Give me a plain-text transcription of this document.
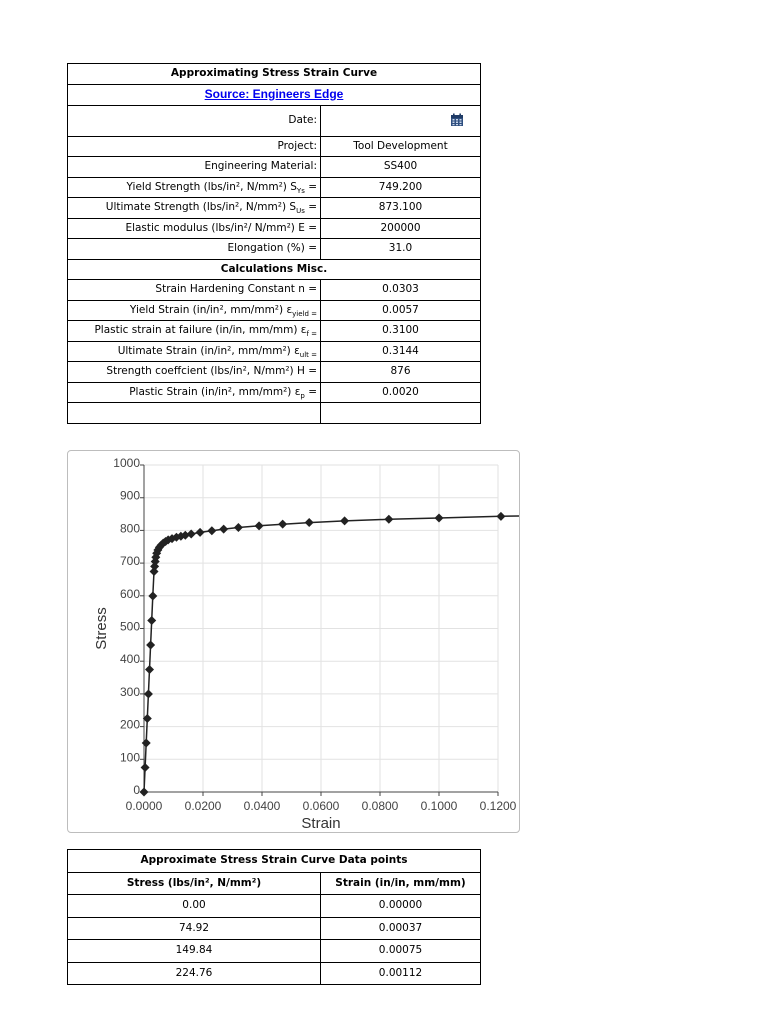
Approximating Stress Strain Curve	
Source: Engineers Edge	
Date:	

Project:	Tool Development
Engineering Material:	SS400
Yield Strength (lbs/in², N/mm²) $S_{Ys}$ =	749.200
Ultimate Strength (lbs/in², N/mm²) $S_{Us}$ =	873.100
Elastic modulus (lbs/in²/ N/mm²) E =	200000
Elongation (%) =	31.0
Calculations Misc.	
Strain Hardening Constant n =	0.0303
Yield Strain (in/in², mm/mm²) $\varepsilon_{yield =}$	0.0057
Plastic strain at failure (in/in, mm/mm) $\varepsilon_{f =}$	0.3100
Ultimate Strain (in/in², mm/mm²) $\varepsilon_{ult =}$	0.3144
Strength coeffcient (lbs/in², N/mm²) H =	876
Plastic Strain (in/in², mm/mm²) $\varepsilon_p$ =	0.0020

0
100
200
300
400
500
600
700
800
900
1000
0.0000 0.0200 0.0400 0.0600 0.0800 0.1000 0.1200
Strain
Stress
Approximate Stress Strain Curve Data points	
Stress (lbs/in², N/mm²)	Strain (in/in, mm/mm)
0.00	0.00000
74.92	0.00037
149.84	0.00075
224.76	0.00112
